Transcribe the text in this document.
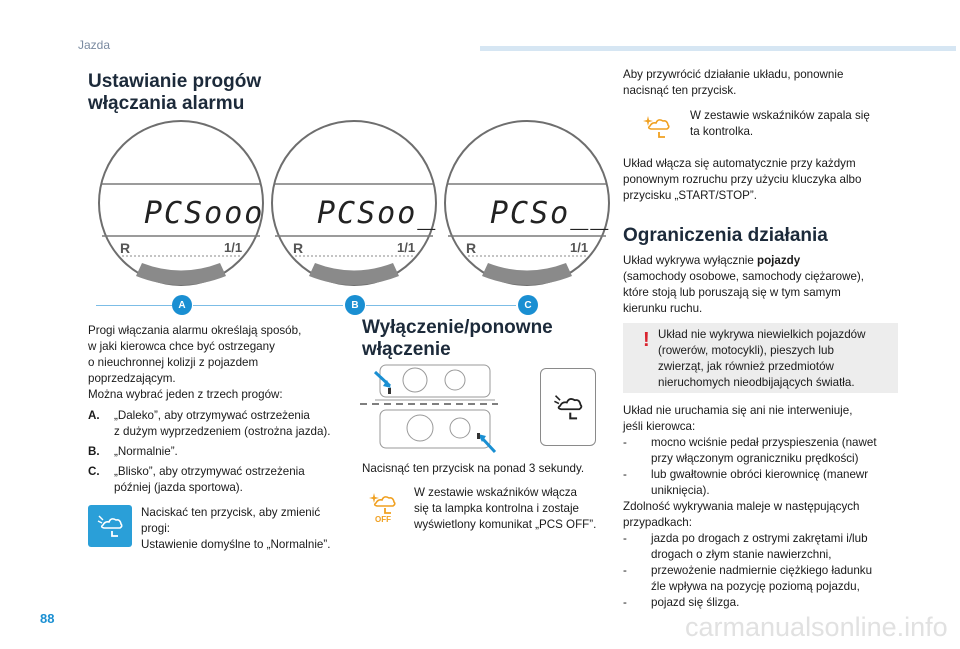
Jazda
Ustawianie progów
włączania alarmu
PCSooo PCSoo_ PCSo__
R	1/1	R	1/1	R	1/1
A	B	C
Progi włączania alarmu określają sposób,
w jaki kierowca chce być ostrzegany
o nieuchronnej kolizji z pojazdem
poprzedzającym.
Można wybrać jeden z trzech progów:
A. „Daleko”, aby otrzymywać ostrzeżenia
z dużym wyprzedzeniem (ostrożna jazda).
B. „Normalnie”.
C. „Blisko”, aby otrzymywać ostrzeżenia
później (jazda sportowa).
Naciskać ten przycisk, aby zmienić
progi:
Ustawienie domyślne to „Normalnie”.
Wyłączenie/ponowne
włączenie
Nacisnąć ten przycisk na ponad 3 sekundy.
OFF
W zestawie wskaźników włącza
się ta lampka kontrolna i zostaje
wyświetlony komunikat „PCS OFF”.
Aby przywrócić działanie układu, ponownie
nacisnąć ten przycisk.
W zestawie wskaźników zapala się
ta kontrolka.
Układ włącza się automatycznie przy każdym
ponownym rozruchu przy użyciu kluczyka albo
przycisku „START/STOP”.
Ograniczenia działania
Układ wykrywa wyłącznie pojazdy
(samochody osobowe, samochody ciężarowe),
które stoją lub poruszają się w tym samym
kierunku ruchu.
! Układ nie wykrywa niewielkich pojazdów
(rowerów, motocykli), pieszych lub
zwierząt, jak również przedmiotów
nieruchomych nieodbijających światła.
Układ nie uruchamia się ani nie interweniuje,
jeśli kierowca:
- mocno wciśnie pedał przyspieszenia (nawet
przy włączonym ograniczniku prędkości)
- lub gwałtownie obróci kierownicę (manewr
uniknięcia).
Zdolność wykrywania maleje w następujących
przypadkach:
- jazda po drogach z ostrymi zakrętami i/lub
drogach o złym stanie nawierzchni,
- przewożenie nadmiernie ciężkiego ładunku
źle wpływa na pozycję poziomą pojazdu,
- pojazd się ślizga.
88	carmanualsonline.info
